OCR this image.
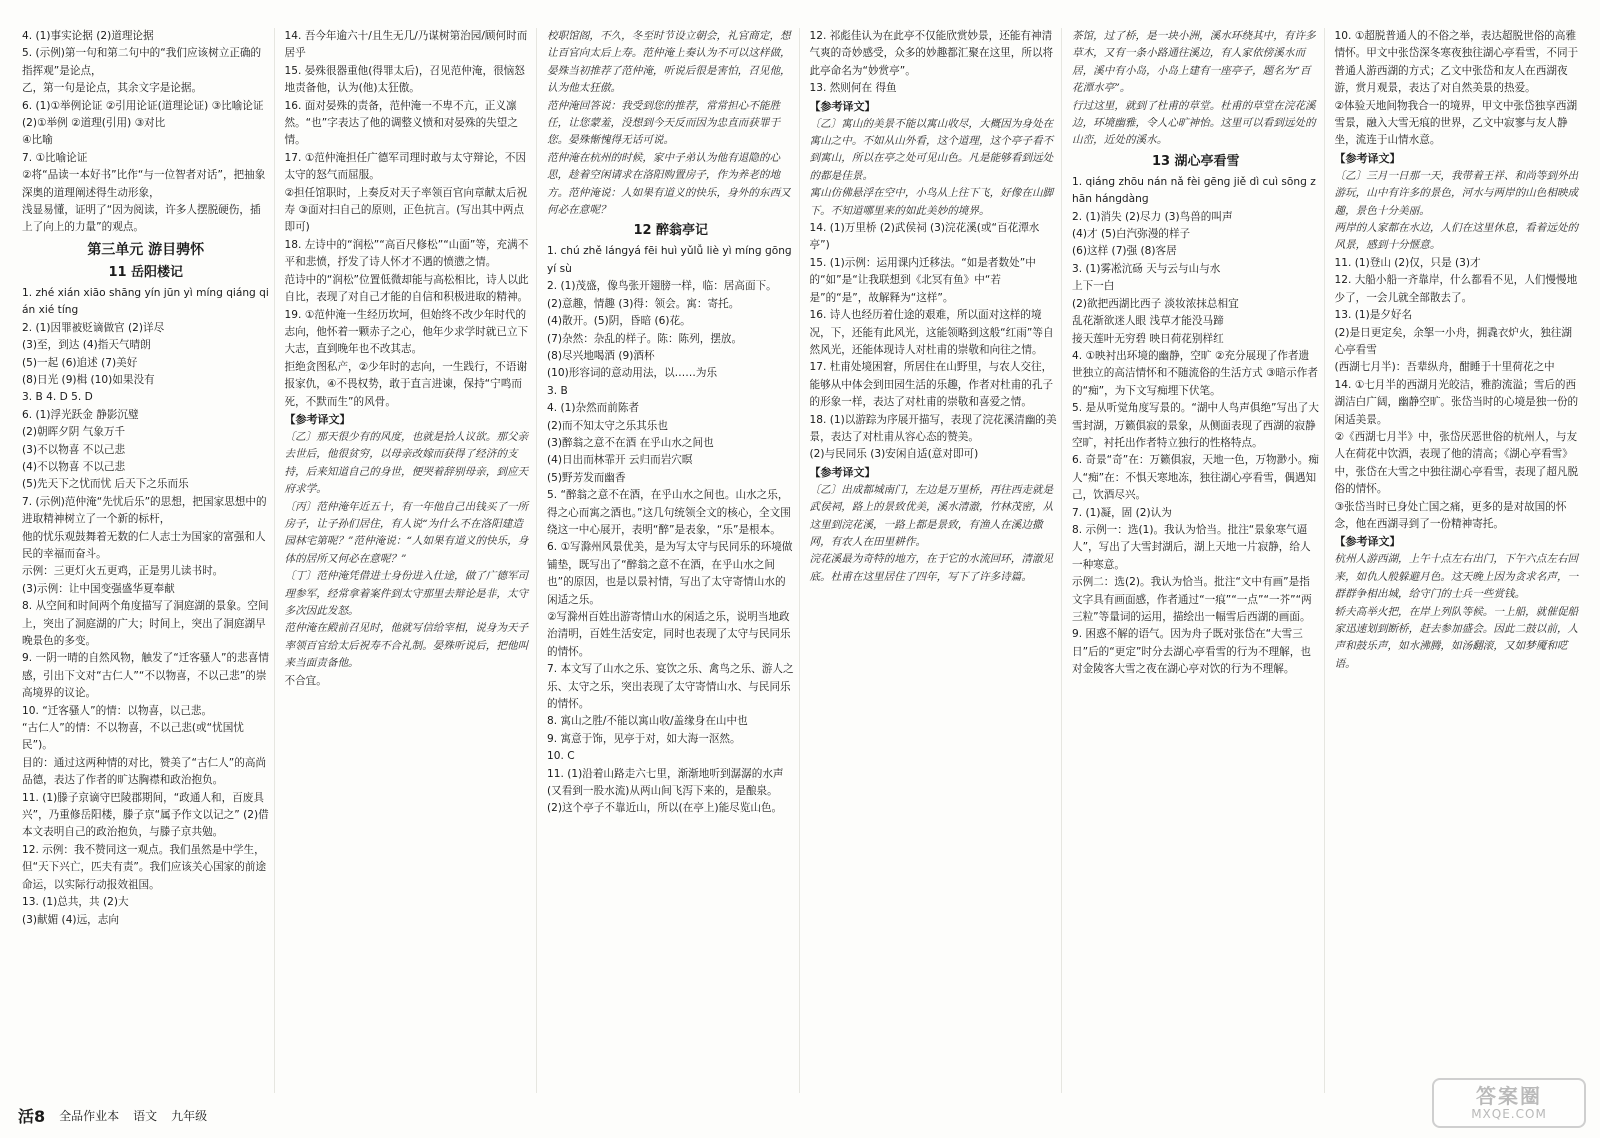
4. (1)事实论据 (2)道理论据
5. (示例)第一句和第二句中的“我们应该树立正确的指挥观”是论点，
乙，第一句是论点，其余文字是论据。
6. (1)①举例论证 ②引用论证(道理论证) ③比喻论证
(2)①举例 ②道理(引用) ③对比
④比喻
7. ①比喻论证
②将“品读一本好书”比作“与一位智者对话”，把抽象深奥的道理阐述得生动形象，
浅显易懂，证明了“因为阅读，许多人摆脱硬伤，插上了向上的力量”的观点。
第三单元 游目骋怀
11 岳阳楼记
1. zhé xián xiāo shāng yín jūn yì míng qiáng qián xié tíng
2. (1)因罪被贬谪做官 (2)详尽
(3)至，到达 (4)指天气晴朗
(5)一起 (6)追述 (7)美好
(8)日光 (9)楫 (10)如果没有
3. B 4. D 5. D
6. (1)浮光跃金 静影沉璧
(2)朝晖夕阴 气象万千
(3)不以物喜 不以己悲
(4)不以物喜 不以己悲
(5)先天下之忧而忧 后天下之乐而乐
7. (示例)范仲淹“先忧后乐”的思想，把国家思想中的进取精神树立了一个新的标杆，
他的忧乐观鼓舞着无数的仁人志士为国家的富强和人民的幸福而奋斗。
示例：三更灯火五更鸡，正是男儿读书时。
(3)示例：让中国变强盛华夏奉献
8. 从空间和时间两个角度描写了洞庭湖的景象。空间上，突出了洞庭湖的广大；时间上，突出了洞庭湖早晚景色的多变。
9. 一阴一晴的自然风物，触发了“迁客骚人”的悲喜情感，引出下文对“古仁人”“不以物喜，不以己悲”的崇高境界的议论。
10. “迁客骚人”的情：以物喜，以己悲。
“古仁人”的情：不以物喜，不以己悲(或“忧国忧民”)。
目的：通过这两种情的对比，赞美了“古仁人”的高尚品德，表达了作者的旷达胸襟和政治抱负。
11. (1)滕子京谪守巴陵郡期间，“政通人和，百废具兴”，乃重修岳阳楼，滕子京“属予作文以记之” (2)借本文表明自己的政治抱负，与滕子京共勉。
12. 示例：我不赞同这一观点。我们虽然是中学生，但“天下兴亡，匹夫有责”。我们应该关心国家的前途命运，以实际行动报效祖国。
13. (1)总共，共 (2)大
(3)献媚 (4)远，志向
14. 吾今年逾六十/且生无几/乃谋树第治园/顾何时而居乎
15. 晏殊很器重他(得罪太后)，召见范仲淹，很恼怒地责备他，认为(他)太狂傲。
16. 面对晏殊的责备，范仲淹一不卑不亢，正义凛然。“也”字表达了他的调整义愤和对晏殊的失望之情。
17. ①范仲淹担任广德军司理时敢与太守辩论，不因太守的怒气而屈服。
②担任馆职时，上奏反对天子率领百官向章献太后祝寿 ③面对扫自己的原则，正色抗言。(写出其中两点即可)
18. 左诗中的“润松”“高百尺修松”“山面”等，充满不平和悲愤，抒发了诗人怀才不遇的愤懑之情。
范诗中的“润松”位置低微却能与高松相比，诗人以此自比，表现了对自己才能的自信和积极进取的精神。
19. ①范仲淹一生经历坎坷，但始终不改少年时代的志向，他怀着一颗赤子之心，他年少求学时就已立下大志，直到晚年也不改其志。
拒绝贪图私产，②少年时的志向，一生践行，不语谢报家仇，④不畏权势，敢于直言进谏，保持“宁鸣而死，不默而生”的风骨。
【参考译文】
〔乙〕那天很少有的风度，也就是拾人议欲。那父亲去世后，他很贫穷，以母亲改嫁而获得了经济的支持，后来知道自己的身世，便哭着辞别母亲，到应天府求学。
〔丙〕范仲淹年近五十，有一年他自己出钱买了一所房子，让子孙们居住，有人说“为什么不在洛阳建造园林宅第呢？”范仲淹说：“人如果有道义的快乐，身体的居所又何必在意呢？”
〔丁〕范仲淹凭借进士身份进入仕途，做了广德军司理参军，经常拿着案件到太守那里去辩论是非，太守多次因此发怒。
范仲淹在殿前召见时，他就写信给宰相，说身为天子率领百官给太后祝寿不合礼制。晏殊听说后，把他叫来当面责备他。
不合宜。
校职馆阁，不久，冬至时节设立朝会，礼官商定，想让百官向太后上寿。范仲淹上奏认为不可以这样做，晏殊当初推荐了范仲淹，听说后很是害怕，召见他，认为他太狂傲。
范仲淹回答说：我受到您的推荐，常常担心不能胜任，让您蒙羞，没想到今天反而因为忠直而获罪于您。晏殊惭愧得无话可说。
范仲淹在杭州的时候，家中子弟认为他有退隐的心思，趁着空闲请求在洛阳购置房子，作为养老的地方。范仲淹说：人如果有道义的快乐，身外的东西又何必在意呢？
12 醉翁亭记
1. chú zhě lánɡyá fēi huì yǔlǚ liè yì mínɡ ɡōnɡ yí sù
2. (1)茂盛，像鸟张开翅膀一样，临：居高面下。
(2)意趣，情趣 (3)得：领会。寓：寄托。
(4)散开。(5)阴，昏暗 (6)花。
(7)杂然：杂乱的样子。陈：陈列，摆放。
(8)尽兴地喝酒 (9)酒杯
(10)形容词的意动用法，以……为乐
3. B
4. (1)杂然而前陈者
(2)而不知太守之乐其乐也
(3)醉翁之意不在酒 在乎山水之间也
(4)日出而林霏开 云归而岩穴暝
(5)野芳发而幽香
5. “醉翁之意不在酒，在乎山水之间也。山水之乐，得之心而寓之酒也。”这几句统领全文的核心，全文围绕这一中心展开，表明“醉”是表象，“乐”是根本。
6. ①写滁州风景优美，是为写太守与民同乐的环境做铺垫，既写出了“醉翁之意不在酒，在乎山水之间也”的原因，也是以景衬情，写出了太守寄情山水的闲适之乐。
②写滁州百姓出游寄情山水的闲适之乐，说明当地政治清明，百姓生活安定，同时也表现了太守与民同乐的情怀。
7. 本文写了山水之乐、宴饮之乐、禽鸟之乐、游人之乐、太守之乐，突出表现了太守寄情山水、与民同乐的情怀。
8. 寓山之胜/不能以寓山收/盖缘身在山中也
9. 寓意于饰，见亭于对，如大海一沤然。
10. C
11. (1)沿着山路走六七里，渐渐地听到潺潺的水声(又看到一股水流)从两山间飞泻下来的，是酿泉。
(2)这个亭子不靠近山，所以(在亭上)能尽览山色。
12. 祁彪佳认为在此亭不仅能欣赏妙景，还能有神清气爽的奇妙感受，众多的妙趣都汇聚在这里，所以将此亭命名为“妙赏亭”。
13. 然则何在 得鱼
【参考译文】
〔乙〕寓山的美景不能以寓山收尽，大概因为身处在寓山之中。不如从山外看，这个道理，这个亭子看不到寓山，所以在亭之处可见山色。凡是能够看到远处的都是佳景。
寓山仿佛悬浮在空中，小鸟从上往下飞，好像在山脚下。不知道哪里来的如此美妙的境界。
14. (1)万里桥 (2)武侯祠 (3)浣花溪(或“百花潭水亭”)
15. (1)示例：运用课内迁移法。“如是者数处”中的“如”是“让我联想到《北冥有鱼》中“若是”的“是”，故解释为“这样”。
16. 诗人也经历着仕途的艰难，所以面对这样的境况，下，还能有此风光，这能领略到这般“红雨”等自然风光，还能体现诗人对杜甫的崇敬和向往之情。
17. 杜甫处境困窘，所居住在山野里，与农人交往，能够从中体会到田园生活的乐趣，作者对杜甫的孔子的形象一样，表达了对杜甫的崇敬和喜爱之情。
18. (1)以游踪为序展开描写，表现了浣花溪清幽的美景，表达了对杜甫从容心态的赞美。
(2)与民同乐 (3)安闲自适(意对即可)
【参考译文】
〔乙〕出成都城南门，左边是万里桥，再往西走就是武侯祠，路上的景致优美，溪水清澈，竹林茂密，从这里到浣花溪，一路上都是景致，有渔人在溪边撒网，有农人在田里耕作。
浣花溪最为奇特的地方，在于它的水流回环，清澈见底。杜甫在这里居住了四年，写下了许多诗篇。
茶馆，过了桥，是一块小洲，溪水环绕其中，有许多草木，又有一条小路通往溪边，有人家依傍溪水而居，溪中有小岛，小岛上建有一座亭子，题名为“百花潭水亭”。
行过这里，就到了杜甫的草堂。杜甫的草堂在浣花溪边，环境幽雅，令人心旷神怡。这里可以看到远处的山峦，近处的溪水。
13 湖心亭看雪
1. qiánɡ zhōu nán nǎ fèi ɡēnɡ jiě dì cuì sōnɡ zhān hánɡdànɡ
2. (1)消失 (2)尽力 (3)鸟兽的叫声
(4)才 (5)白汽弥漫的样子
(6)这样 (7)强 (8)客居
3. (1)雾凇沆砀 天与云与山与水
上下一白
(2)欲把西湖比西子 淡妆浓抹总相宜
乱花渐欲迷人眼 浅草才能没马蹄
接天莲叶无穷碧 映日荷花别样红
4. ①映衬出环境的幽静，空旷 ②充分展现了作者遗世独立的高洁情怀和不随流俗的生活方式 ③暗示作者的“痴”，为下文写痴埋下伏笔。
5. 是从听觉角度写景的。“湖中人鸟声俱绝”写出了大雪封湖，万籁俱寂的景象，从侧面表现了西湖的寂静空旷，衬托出作者特立独行的性格特点。
6. 奇景“奇”在：万籁俱寂，天地一色，万物渺小。痴人“痴”在：不惧天寒地冻，独往湖心亭看雪，偶遇知己，饮酒尽兴。
7. (1)凝，固 (2)认为
8. 示例一：选(1)。我认为恰当。批注“景象寒气逼人”，写出了大雪封湖后，湖上天地一片寂静，给人一种寒意。
示例二：选(2)。我认为恰当。批注“文中有画”是指文字具有画面感，作者通过“一痕”“一点”“一芥”“两三粒”等量词的运用，描绘出一幅雪后西湖的画面。
9. 困惑不解的语气。因为舟子既对张岱在“大雪三日”后的“更定”时分去湖心亭看雪的行为不理解，也对金陵客大雪之夜在湖心亭对饮的行为不理解。
10. ①超脱普通人的不俗之举，表达超脱世俗的高雅情怀。甲文中张岱深冬寒夜独往湖心亭看雪，不同于普通人游西湖的方式；乙文中张岱和友人在西湖夜游，赏月观景，表达了对自然美景的热爱。
②体验天地间物我合一的境界，甲文中张岱独享西湖雪景，融入大雪无痕的世界，乙文中寂寥与友人静坐，流连于山情水意。
【参考译文】
〔乙〕三月一日那一天，我带着王祥、和尚等到外出游玩，山中有许多的景色，河水与两岸的山色相映成趣，景色十分美丽。
两岸的人家都在水边，人们在这里休息，看着远处的风景，感到十分惬意。
11. (1)登山 (2)仅，只是 (3)才
12. 大船小船一齐靠岸，什么都看不见，人们慢慢地少了，一会儿就全部散去了。
13. (1)是夕好名
(2)是日更定矣，余挐一小舟，拥毳衣炉火，独往湖心亭看雪
(西湖七月半)：吾辈纵舟，酣睡于十里荷花之中
14. ①七月半的西湖月光皎洁，雅韵流溢；雪后的西湖洁白广阔，幽静空旷。张岱当时的心境是独一份的闲适美景。
②《西湖七月半》中，张岱厌恶世俗的杭州人，与友人在荷花中饮酒，表现了他的清高；《湖心亭看雪》中，张岱在大雪之中独往湖心亭看雪，表现了超凡脱俗的情怀。
③张岱当时已身处亡国之痛，更多的是对故国的怀念，他在西湖寻到了一份精神寄托。
【参考译文】
杭州人游西湖，上午十点左右出门，下午六点左右回来，如仇人般躲避月色。这天晚上因为贪求名声，一群群争相出城，给守门的士兵一些赏钱。
轿夫高举火把，在岸上列队等候。一上船，就催促船家迅速划到断桥，赶去参加盛会。因此二鼓以前，人声和鼓乐声，如水沸腾，如汤翻滚，又如梦魇和呓语。
活8 全品作业本 语文 九年级
答案圈
MXQE.COM
